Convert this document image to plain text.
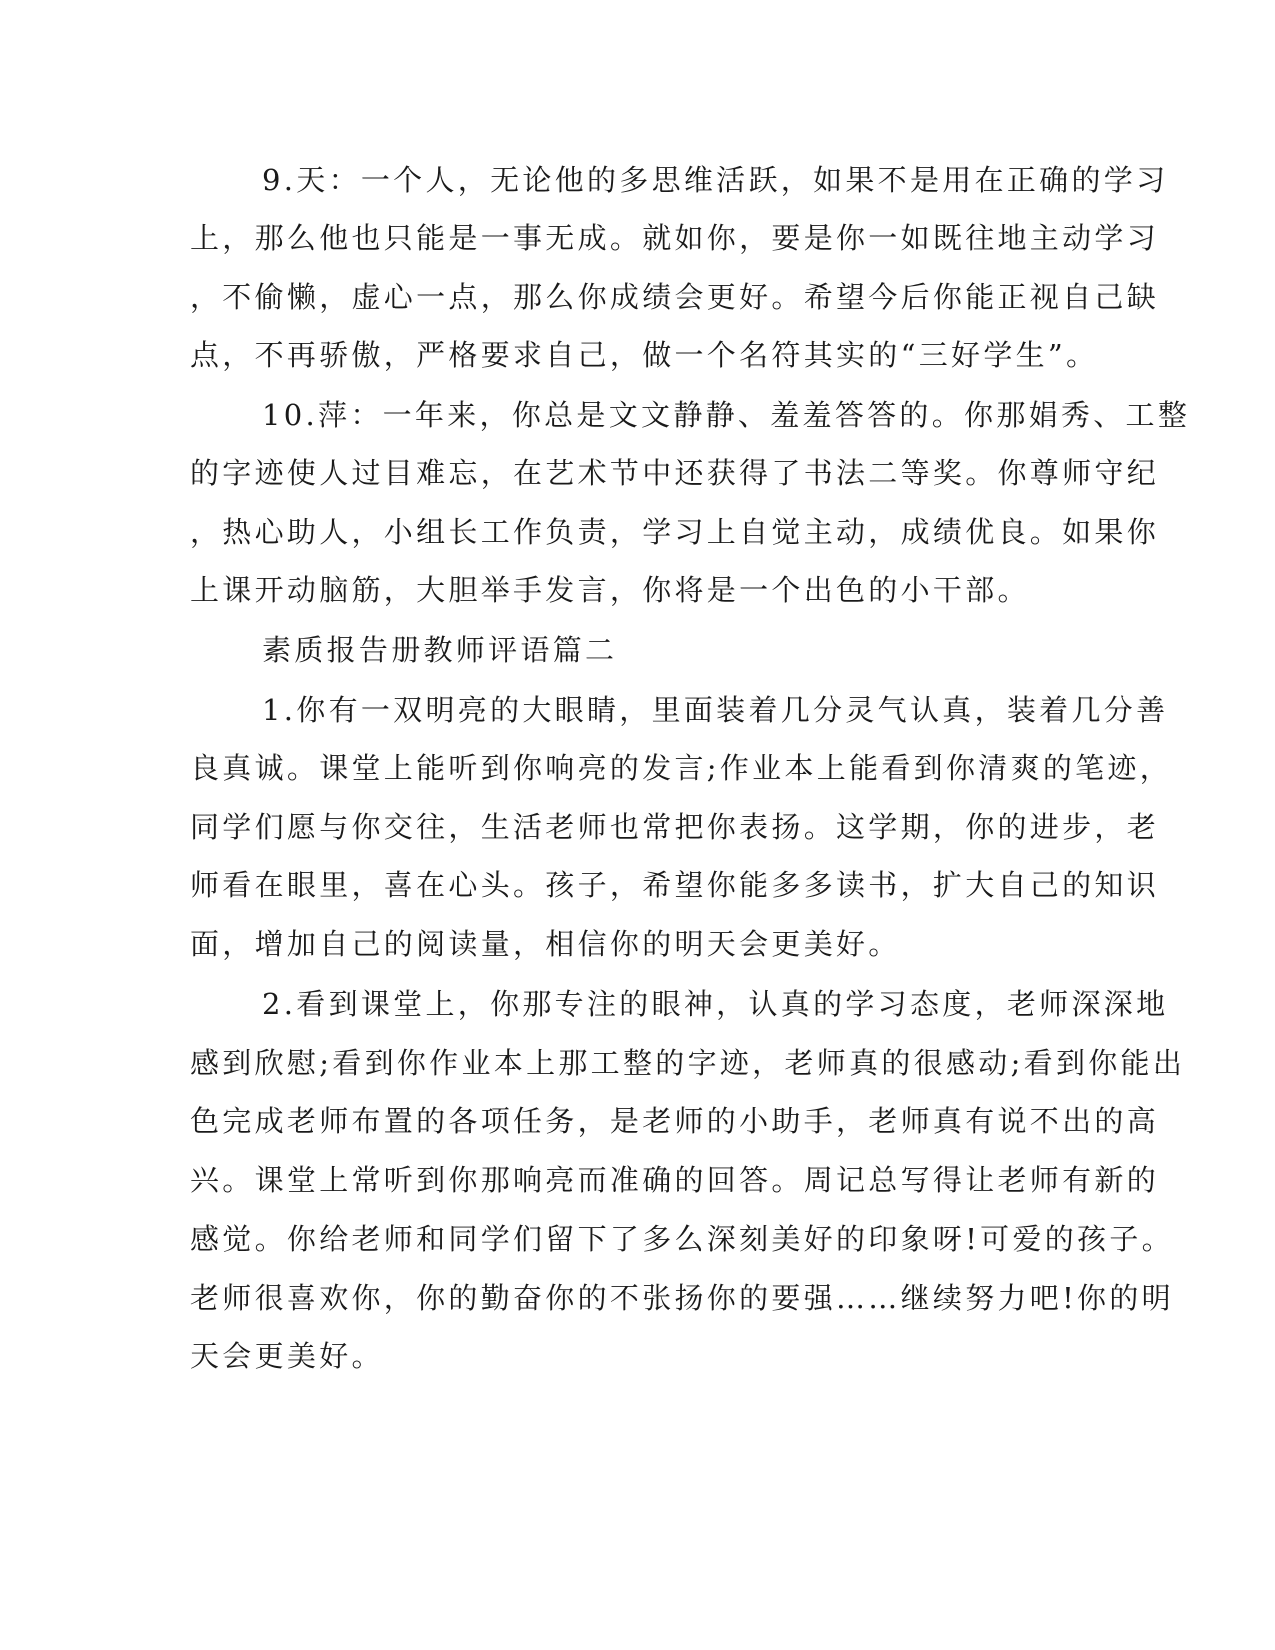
9.天：一个人，无论他的多思维活跃，如果不是用在正确的学习

上，那么他也只能是一事无成。就如你，要是你一如既往地主动学习

，不偷懒，虚心一点，那么你成绩会更好。希望今后你能正视自己缺

点，不再骄傲，严格要求自己，做一个名符其实的“三好学生”。

10.萍：一年来，你总是文文静静、羞羞答答的。你那娟秀、工整

的字迹使人过目难忘，在艺术节中还获得了书法二等奖。你尊师守纪

，热心助人，小组长工作负责，学习上自觉主动，成绩优良。如果你

上课开动脑筋，大胆举手发言，你将是一个出色的小干部。

素质报告册教师评语篇二

1.你有一双明亮的大眼睛，里面装着几分灵气认真，装着几分善

良真诚。课堂上能听到你响亮的发言;作业本上能看到你清爽的笔迹，

同学们愿与你交往，生活老师也常把你表扬。这学期，你的进步，老

师看在眼里，喜在心头。孩子，希望你能多多读书，扩大自己的知识

面，增加自己的阅读量，相信你的明天会更美好。

2.看到课堂上，你那专注的眼神，认真的学习态度，老师深深地

感到欣慰;看到你作业本上那工整的字迹，老师真的很感动;看到你能出

色完成老师布置的各项任务，是老师的小助手，老师真有说不出的高

兴。课堂上常听到你那响亮而准确的回答。周记总写得让老师有新的

感觉。你给老师和同学们留下了多么深刻美好的印象呀!可爱的孩子。

老师很喜欢你，你的勤奋你的不张扬你的要强……继续努力吧!你的明

天会更美好。
